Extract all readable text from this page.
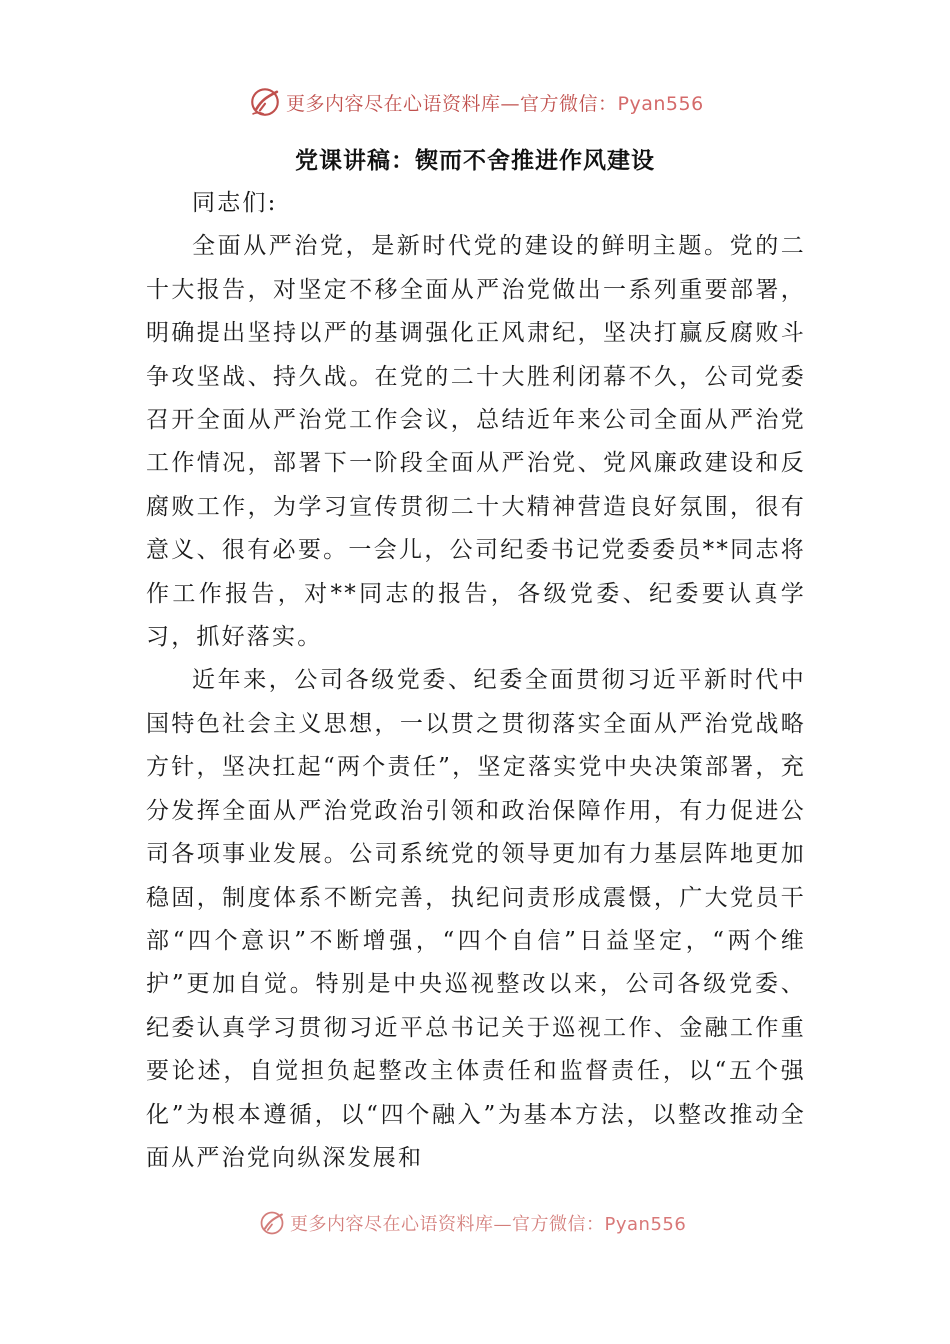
更多内容尽在心语资料库—官方微信：Pyan556
党课讲稿：锲而不舍推进作风建设

同志们:

全面从严治党，是新时代党的建设的鲜明主题。党的二十大报告，对坚定不移全面从严治党做出一系列重要部署，明确提出坚持以严的基调强化正风肃纪，坚决打赢反腐败斗争攻坚战、持久战。在党的二十大胜利闭幕不久，公司党委召开全面从严治党工作会议，总结近年来公司全面从严治党工作情况，部署下一阶段全面从严治党、党风廉政建设和反腐败工作，为学习宣传贯彻二十大精神营造良好氛围，很有意义、很有必要。一会儿，公司纪委书记党委委员**同志将作工作报告，对**同志的报告，各级党委、纪委要认真学习，抓好落实。

近年来，公司各级党委、纪委全面贯彻习近平新时代中国特色社会主义思想，一以贯之贯彻落实全面从严治党战略方针，坚决扛起“两个责任”，坚定落实党中央决策部署，充分发挥全面从严治党政治引领和政治保障作用，有力促进公司各项事业发展。公司系统党的领导更加有力基层阵地更加稳固，制度体系不断完善，执纪问责形成震慑，广大党员干部“四个意识”不断增强，“四个自信”日益坚定，“两个维护”更加自觉。特别是中央巡视整改以来，公司各级党委、纪委认真学习贯彻习近平总书记关于巡视工作、金融工作重要论述，自觉担负起整改主体责任和监督责任，以“五个强化”为根本遵循，以“四个融入”为基本方法，以整改推动全面从严治党向纵深发展和

更多内容尽在心语资料库—官方微信：Pyan556
